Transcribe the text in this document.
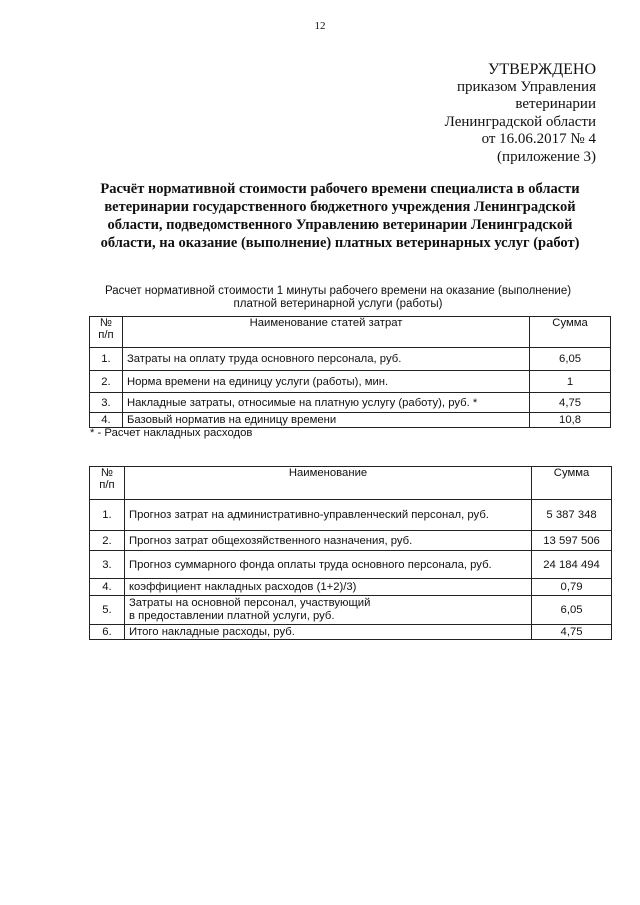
12
УТВЕРЖДЕНО
приказом Управления
ветеринарии
Ленинградской области
от 16.06.2017 № 4
(приложение 3)
Расчёт нормативной стоимости рабочего времени специалиста в области
ветеринарии государственного бюджетного учреждения Ленинградской
области, подведомственного Управлению ветеринарии Ленинградской
области, на оказание (выполнение) платных ветеринарных услуг (работ)
Расчет нормативной стоимости 1 минуты рабочего времени на оказание (выполнение)
платной ветеринарной услуги (работы)
№
п/п	Наименование статей затрат	Сумма
1.	Затраты на оплату труда основного персонала, руб.	6,05
2.	Норма времени на единицу услуги (работы), мин.	1
3.	Накладные затраты, относимые на платную услугу (работу), руб. *	4,75
4.	Базовый норматив на единицу времени	10,8
* - Расчет накладных расходов
№
п/п	Наименование	Сумма
1.	Прогноз затрат на административно-управленческий персонал, руб.	5 387 348
2.	Прогноз затрат общехозяйственного назначения, руб.	13 597 506
3.	Прогноз суммарного фонда оплаты труда основного персонала, руб.	24 184 494
4.	коэффициент накладных расходов (1+2)/3)	0,79
5.	Затраты на основной персонал, участвующий
в предоставлении платной услуги, руб.	6,05
6.	Итого накладные расходы, руб.	4,75
